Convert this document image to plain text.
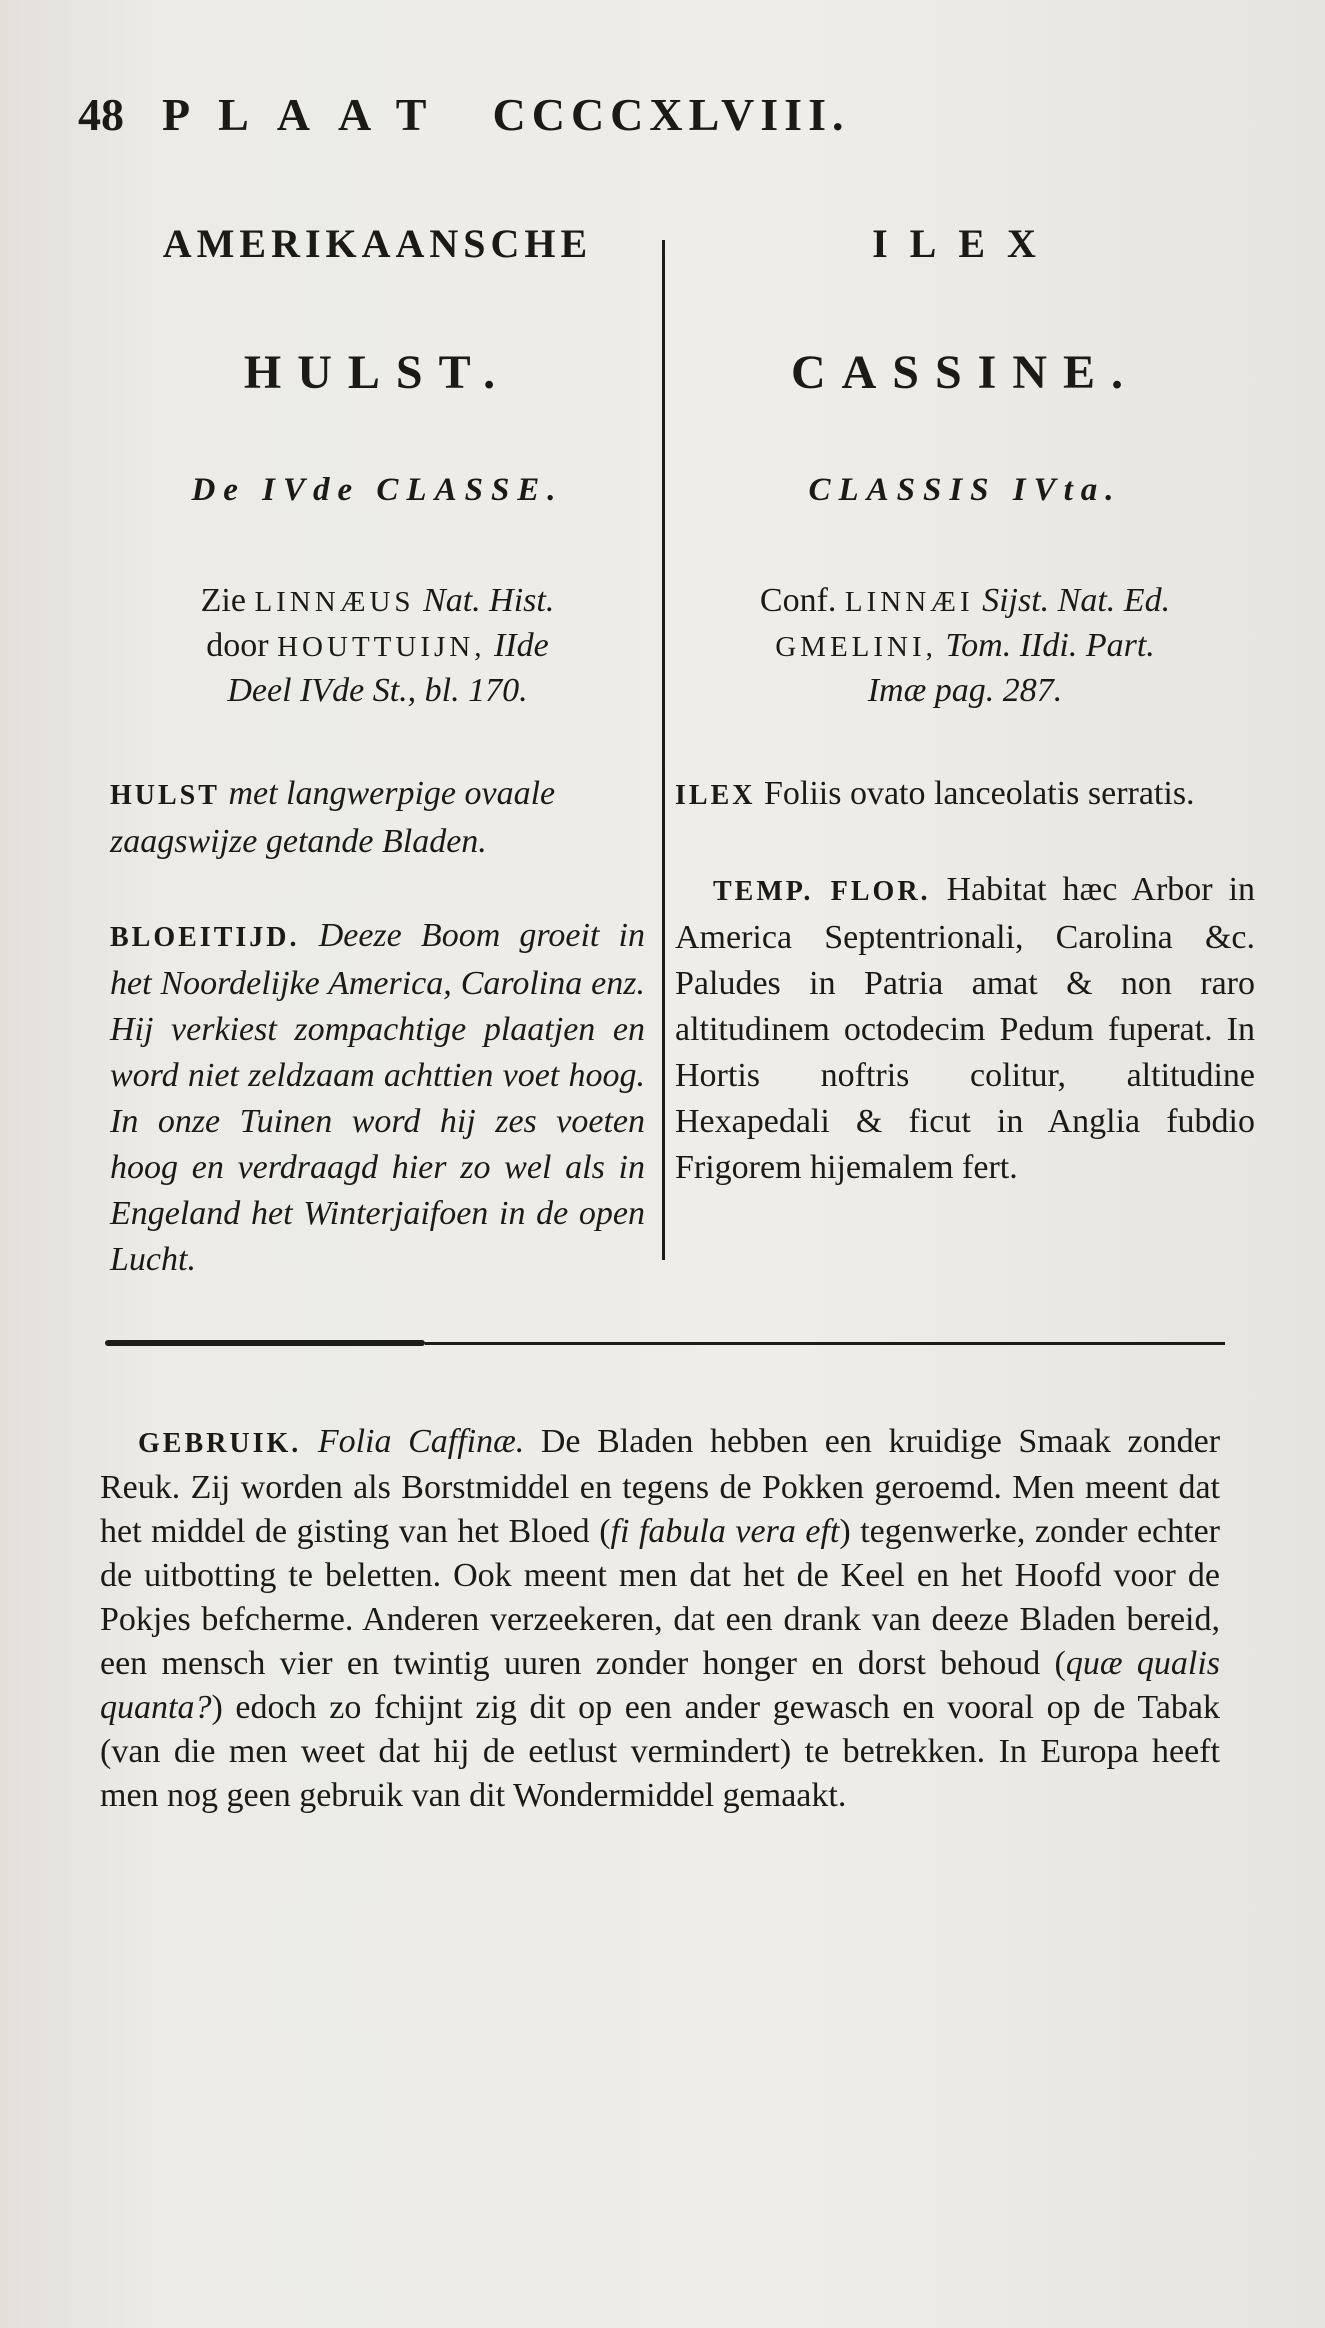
48 PLAAT CCCCXLVIII.

AMERIKAANSCHE

HULST.
De IVde CLASSE.
Zie LINNÆUS Nat. Hist.
door HOUTTUIJN, IIde
Deel IVde St., bl. 170.
HULST met langwerpige ovaale zaagswijze getande Bladen.
BLOEITIJD. Deeze Boom groeit in het Noordelijke America, Carolina enz. Hij verkiest zompachtige plaatjen en word niet zeldzaam achttien voet hoog. In onze Tuinen word hij zes voeten hoog en verdraagd hier zo wel als in Engeland het Winterjaifoen in de open Lucht.

ILEX

CASSINE.
CLASSIS IVta.
Conf. LINNÆI Sijst. Nat. Ed.
GMELINI, Tom. IIdi. Part.
Imæ pag. 287.
ILEX Foliis ovato lanceolatis serratis.
TEMP. FLOR. Habitat hæc Arbor in America Septentrionali, Carolina &c. Paludes in Patria amat & non raro altitudinem octodecim Pedum fuperat. In Hortis noftris colitur, altitudine Hexapedali & ficut in Anglia fubdio Frigorem hijemalem fert.
GEBRUIK. Folia Caffinæ. De Bladen hebben een kruidige Smaak zonder Reuk. Zij worden als Borstmiddel en tegens de Pokken geroemd. Men meent dat het middel de gisting van het Bloed (fi fabula vera eft) tegenwerke, zonder echter de uitbotting te beletten. Ook meent men dat het de Keel en het Hoofd voor de Pokjes befcherme. Anderen verzeekeren, dat een drank van deeze Bladen bereid, een mensch vier en twintig uuren zonder honger en dorst behoud (quæ qualis quanta?) edoch zo fchijnt zig dit op een ander gewasch en vooral op de Tabak (van die men weet dat hij de eetlust vermindert) te betrekken. In Europa heeft men nog geen gebruik van dit Wondermiddel gemaakt.
